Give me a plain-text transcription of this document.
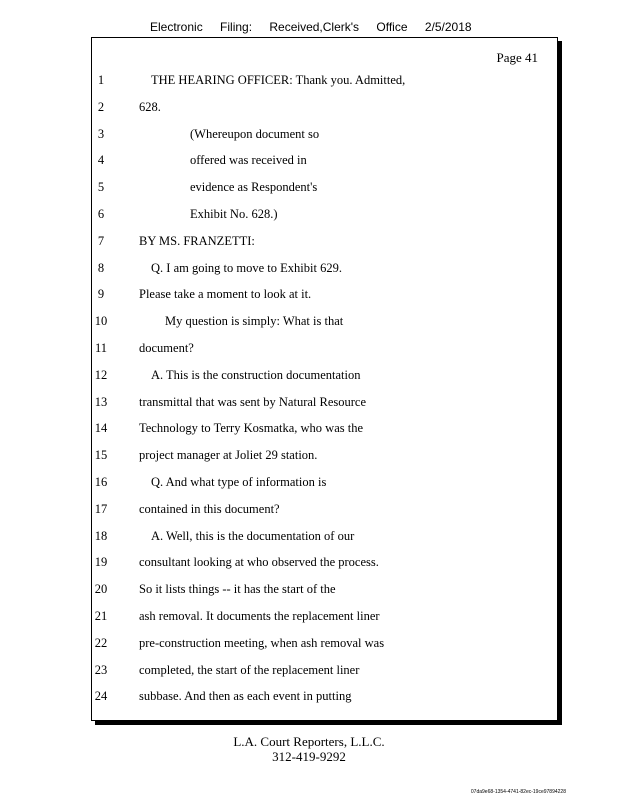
Electronic Filing: Received,Clerk's Office 2/5/2018
Page 41
1	THE HEARING OFFICER: Thank you. Admitted,
2	628.
3	(Whereupon document so
4	offered was received in
5	evidence as Respondent's
6	Exhibit No. 628.)
7	BY MS. FRANZETTI:
8	Q. I am going to move to Exhibit 629.
9	Please take a moment to look at it.
10	My question is simply: What is that
11	document?
12	A. This is the construction documentation
13	transmittal that was sent by Natural Resource
14	Technology to Terry Kosmatka, who was the
15	project manager at Joliet 29 station.
16	Q. And what type of information is
17	contained in this document?
18	A. Well, this is the documentation of our
19	consultant looking at who observed the process.
20	So it lists things -- it has the start of the
21	ash removal. It documents the replacement liner
22	pre-construction meeting, when ash removal was
23	completed, the start of the replacement liner
24	subbase. And then as each event in putting
L.A. Court Reporters, L.L.C.
312-419-9292
07da9e68-1354-4741-82ec-19ce97894228
